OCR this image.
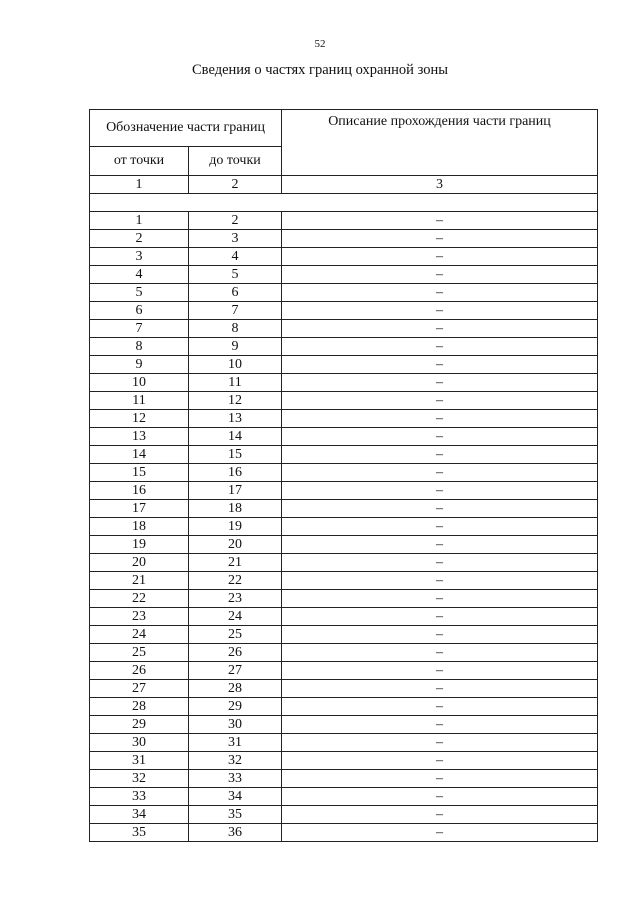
52
Сведения о частях границ охранной зоны
Обозначение части границ		Описание прохождения части границ
от точки	до точки	
1	2	3

1	2	–
2	3	–
3	4	–
4	5	–
5	6	–
6	7	–
7	8	–
8	9	–
9	10	–
10	11	–
11	12	–
12	13	–
13	14	–
14	15	–
15	16	–
16	17	–
17	18	–
18	19	–
19	20	–
20	21	–
21	22	–
22	23	–
23	24	–
24	25	–
25	26	–
26	27	–
27	28	–
28	29	–
29	30	–
30	31	–
31	32	–
32	33	–
33	34	–
34	35	–
35	36	–
